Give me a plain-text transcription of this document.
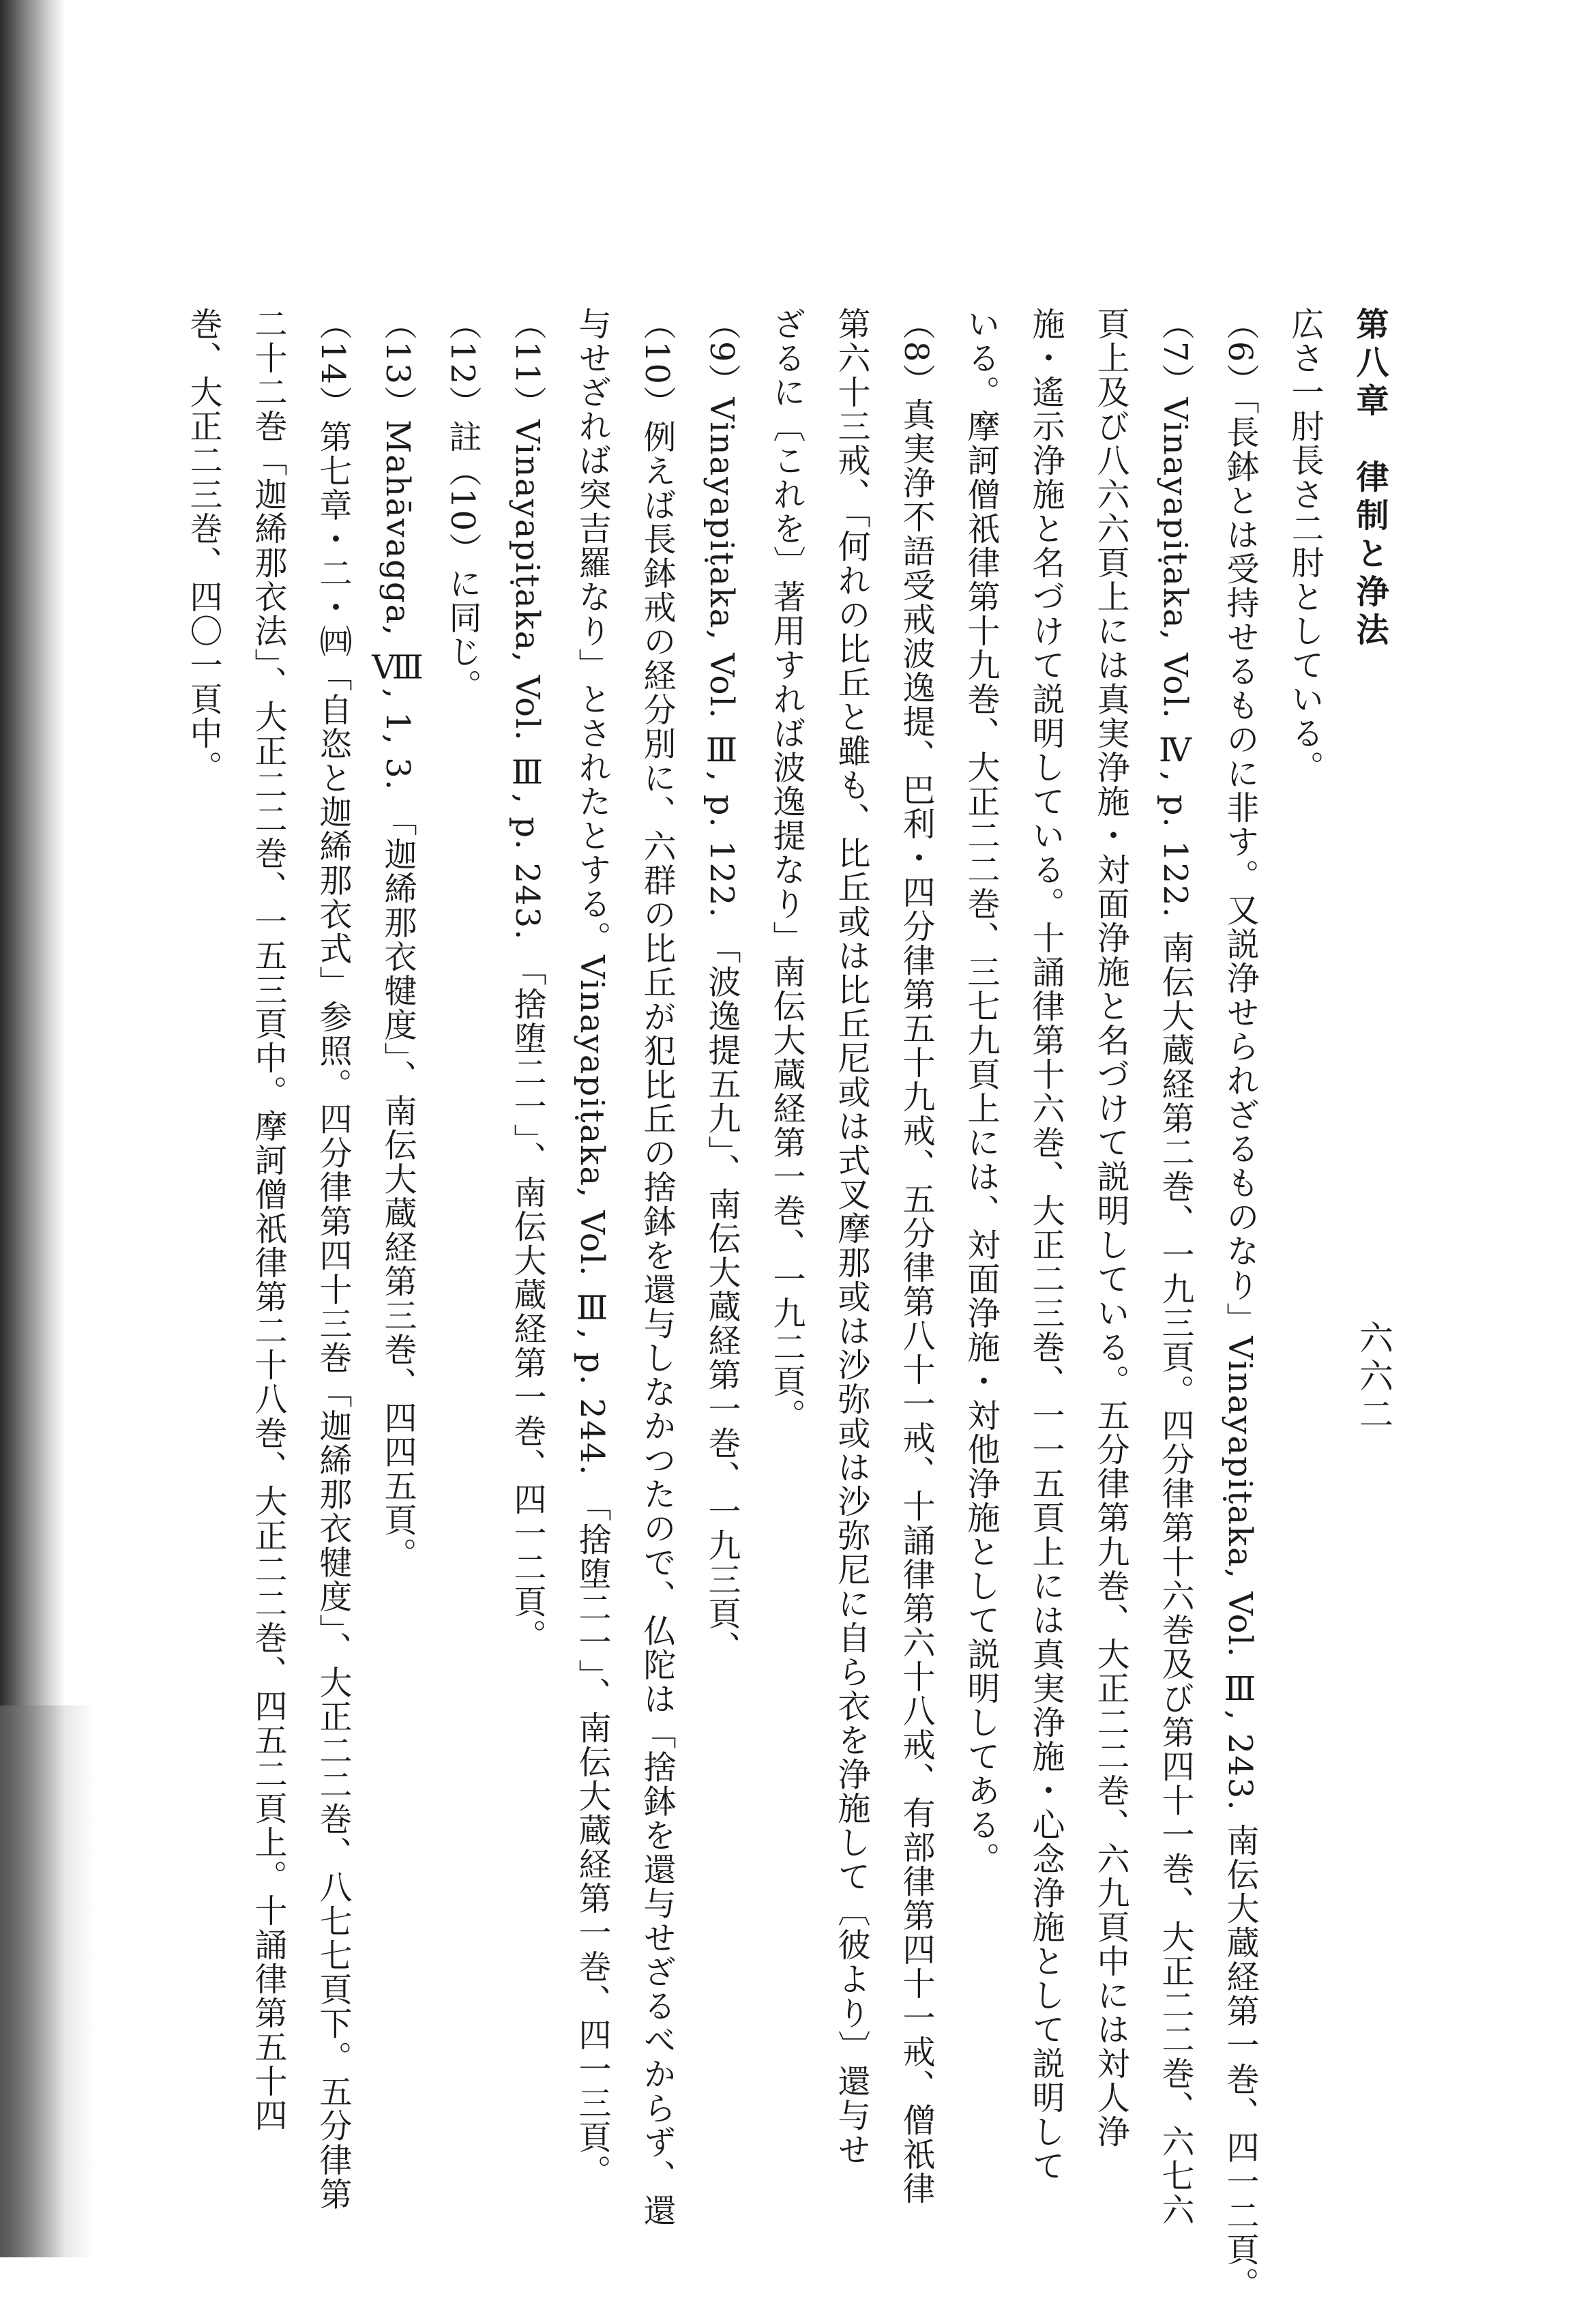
第八章　律制と浄法
広さ一肘長さ二肘としている。
（6）「長鉢とは受持せるものに非す。又説浄せられざるものなり」Vinayapiṭaka, Vol. Ⅲ, 243. 南伝大蔵経第一巻、四一二頁。
（7）Vinayapiṭaka, Vol. Ⅳ, p. 122. 南伝大蔵経第二巻、一九三頁。四分律第十六巻及び第四十一巻、大正二二巻、六七六
頁上及び八六六頁上には真実浄施・対面浄施と名づけて説明している。五分律第九巻、大正二二巻、六九頁中には対人浄
施・遙示浄施と名づけて説明している。十誦律第十六巻、大正二三巻、一一五頁上には真実浄施・心念浄施として説明して
いる。摩訶僧祇律第十九巻、大正二二巻、三七九頁上には、対面浄施・対他浄施として説明してある。
（8）真実浄不語受戒波逸提、巴利・四分律第五十九戒、五分律第八十一戒、十誦律第六十八戒、有部律第四十一戒、僧祇律
第六十三戒、「何れの比丘と雖も、比丘或は比丘尼或は式叉摩那或は沙弥或は沙弥尼に自ら衣を浄施して〔彼より〕還与せ
ざるに〔これを〕著用すれば波逸提なり」南伝大蔵経第一巻、一九二頁。
（9）Vinayapiṭaka, Vol. Ⅲ, p. 122. 「波逸提五九」、南伝大蔵経第一巻、一九三頁、
（10）例えば長鉢戒の経分別に、六群の比丘が犯比丘の捨鉢を還与しなかつたので、仏陀は「捨鉢を還与せざるべからず、還
与せざれば突吉羅なり」とされたとする。Vinayapiṭaka, Vol. Ⅲ, p. 244. 「捨堕二一」、南伝大蔵経第一巻、四一三頁。
（11）Vinayapiṭaka, Vol. Ⅲ, p. 243. 「捨堕二一」、南伝大蔵経第一巻、四一二頁。
（12）註（10）に同じ。
（13）Mahāvagga, Ⅷ, 1, 3. 「迦絺那衣犍度」、南伝大蔵経第三巻、四四五頁。
（14）第七章・二・㈣「自恣と迦絺那衣式」参照。四分律第四十三巻「迦絺那衣犍度」、大正二二巻、八七七頁下。五分律第
二十二巻「迦絺那衣法」、大正二二巻、一五三頁中。摩訶僧祇律第二十八巻、大正二二巻、四五二頁上。十誦律第五十四
巻、大正二三巻、四〇一頁中。
六六二
